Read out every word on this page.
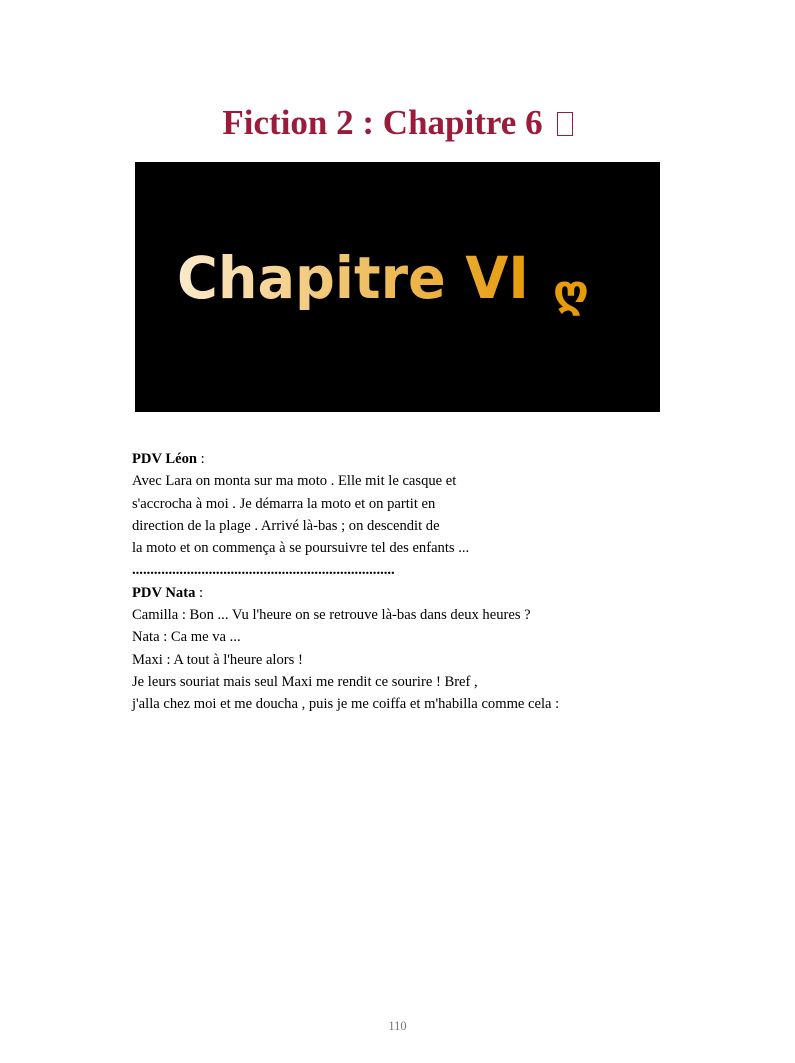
Fiction 2 : Chapitre 6
Chapitre VI ღ
PDV Léon :
Avec Lara on monta sur ma moto . Elle mit le casque et
s'accrocha à moi . Je démarra la moto et on partit en
direction de la plage . Arrivé là-bas ; on descendit de
la moto et on commença à se poursuivre tel des enfants ...
........................................................................
PDV Nata :
Camilla : Bon ... Vu l'heure on se retrouve là-bas dans deux heures ?
Nata : Ca me va ...
Maxi : A tout à l'heure alors !
Je leurs souriat mais seul Maxi me rendit ce sourire ! Bref ,
j'alla chez moi et me doucha , puis je me coiffa et m'habilla comme cela :
110
